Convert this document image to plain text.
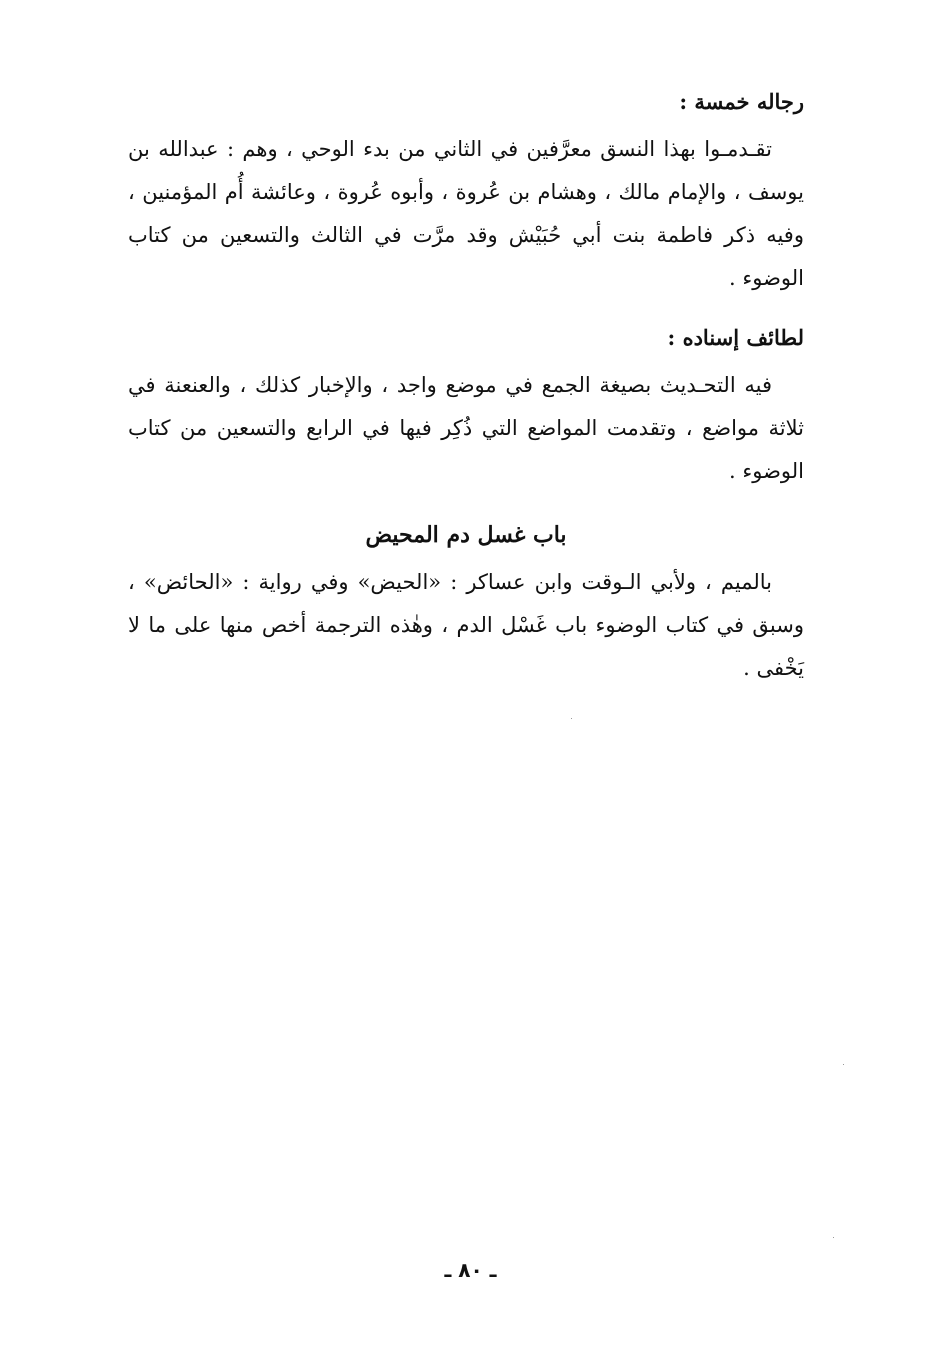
رجاله خمسة :

تقـدمـوا بهذا النسق معرَّفين في الثاني من بدء الوحي ، وهم : عبدالله بن يوسف ، والإمام مالك ، وهشام بن عُروة ، وأبوه عُروة ، وعائشة أُم المؤمنين ، وفيه ذكر فاطمة بنت أبي حُبَيْش وقد مرَّت في الثالث والتسعين من كتاب الوضوء .

لطائف إسناده :

فيه التحـديث بصيغة الجمع في موضع واجد ، والإخبار كذلك ، والعنعنة في ثلاثة مواضع ، وتقدمت المواضع التي ذُكِر فيها في الرابع والتسعين من كتاب الوضوء .

باب غسل دم المحيض

بالميم ، ولأبي الـوقت وابن عساكر : «الحيض» وفي رواية : «الحائض» ، وسبق في كتاب الوضوء باب غَسْل الدم ، وهٰذه الترجمة أخص منها على ما لا يَخْفى .

ـ ٨٠ ـ
